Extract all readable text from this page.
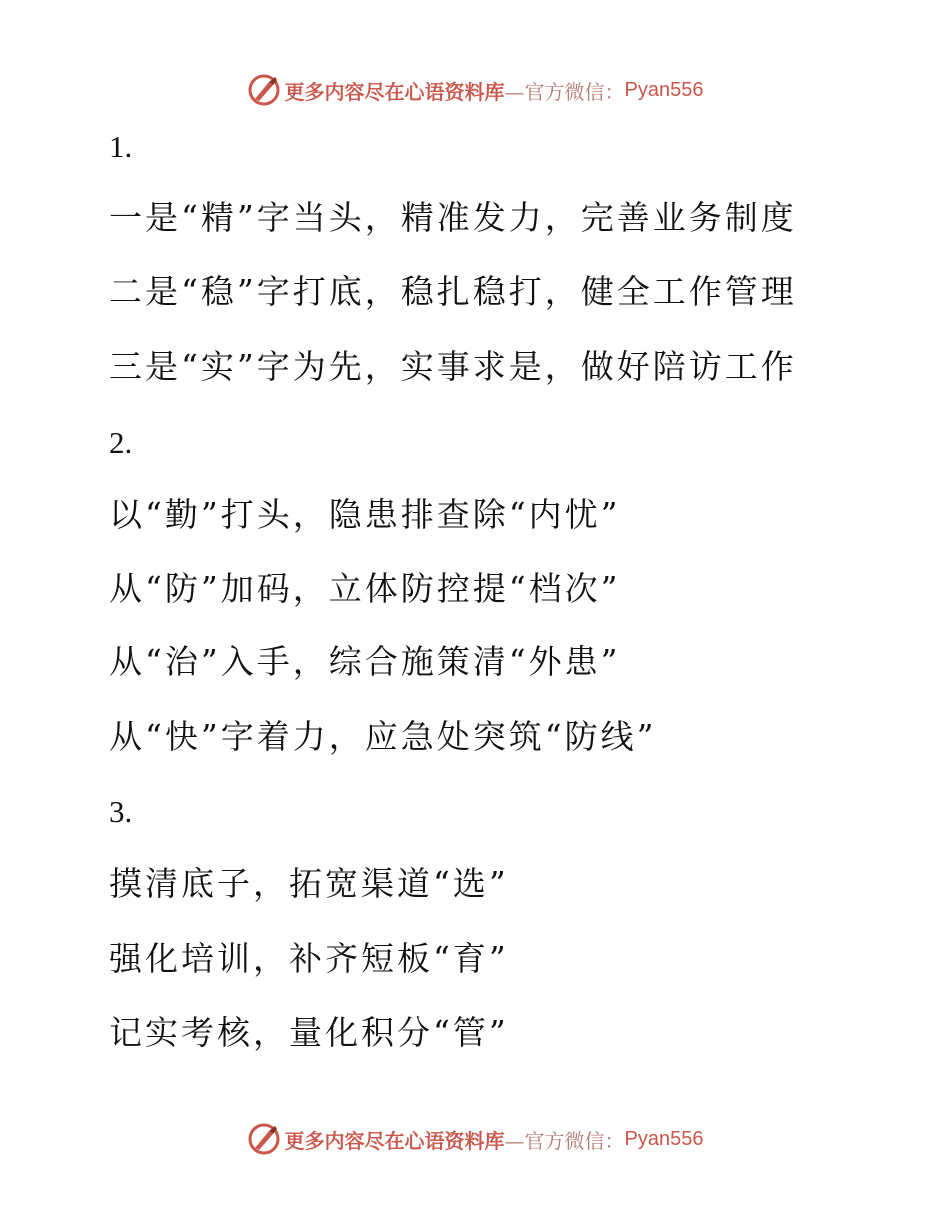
更多内容尽在心语资料库 —官方微信： Pyan556
1.
一是“精”字当头，精准发力，完善业务制度
二是“稳”字打底，稳扎稳打，健全工作管理
三是“实”字为先，实事求是，做好陪访工作
2.
以“勤”打头，隐患排查除“内忧”
从“防”加码，立体防控提“档次”
从“治”入手，综合施策清“外患”
从“快”字着力，应急处突筑“防线”
3.
摸清底子，拓宽渠道“选”
强化培训，补齐短板“育”
记实考核，量化积分“管”
更多内容尽在心语资料库 —官方微信： Pyan556
